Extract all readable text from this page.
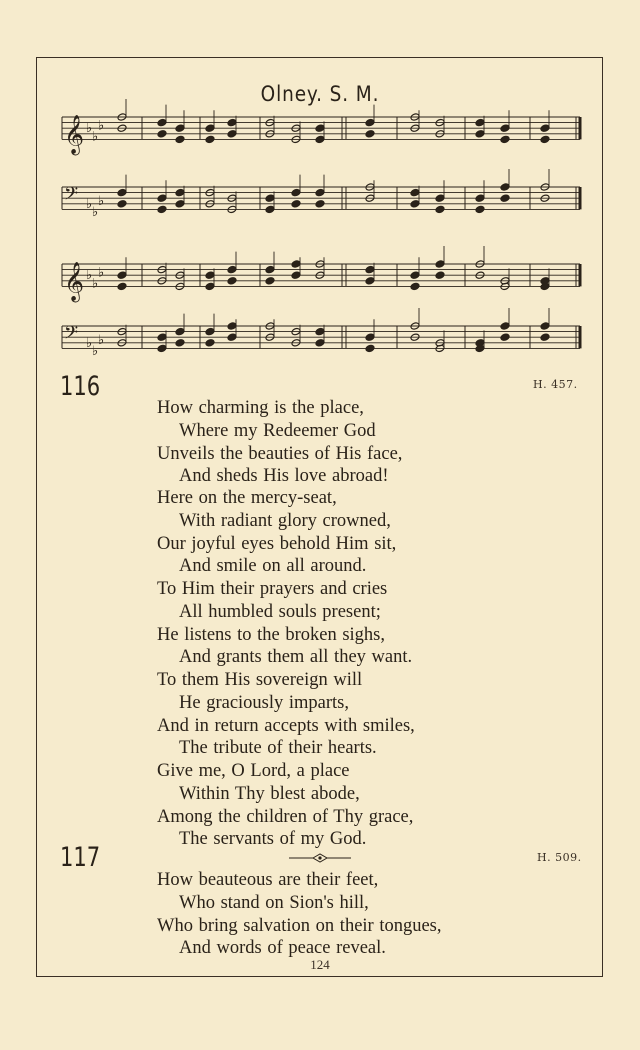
Olney. S. M.
𝄞 ♭
♭
♭
𝄢 ♭
♭
♭
𝄞 ♭
♭
♭
𝄢 ♭
♭
♭
116	H. 457.
How charming is the place,
Where my Redeemer God
Unveils the beauties of His face,
And sheds His love abroad!
Here on the mercy-seat,
With radiant glory crowned,
Our joyful eyes behold Him sit,
And smile on all around.
To Him their prayers and cries
All humbled souls present;
He listens to the broken sighs,
And grants them all they want.
To them His sovereign will
He graciously imparts,
And in return accepts with smiles,
The tribute of their hearts.
Give me, O Lord, a place
Within Thy blest abode,
Among the children of Thy grace,
The servants of my God.
117	H. 509.
How beauteous are their feet,
Who stand on Sion's hill,
Who bring salvation on their tongues,
And words of peace reveal.
124
